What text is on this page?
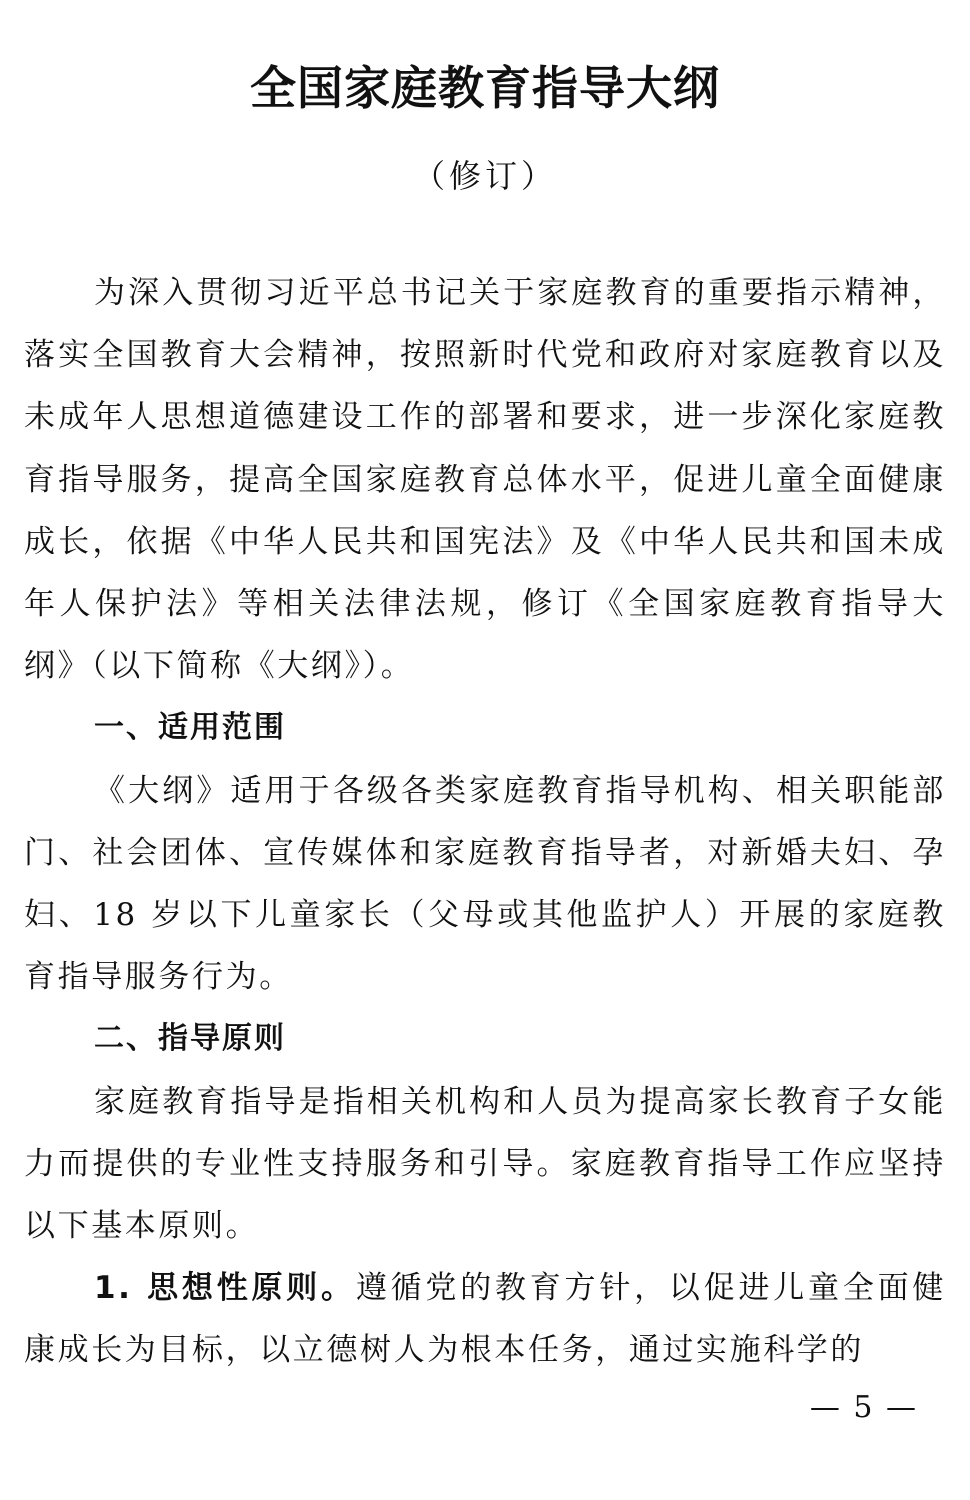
全国家庭教育指导大纲

（修订）

为深入贯彻习近平总书记关于家庭教育的重要指示精神，落实全国教育大会精神，按照新时代党和政府对家庭教育以及未成年人思想道德建设工作的部署和要求，进一步深化家庭教育指导服务，提高全国家庭教育总体水平，促进儿童全面健康成长，依据《中华人民共和国宪法》及《中华人民共和国未成年人保护法》等相关法律法规，修订《全国家庭教育指导大纲》（以下简称《大纲》）。

一、适用范围

《大纲》适用于各级各类家庭教育指导机构、相关职能部门、社会团体、宣传媒体和家庭教育指导者，对新婚夫妇、孕妇、18 岁以下儿童家长（父母或其他监护人）开展的家庭教育指导服务行为。

二、指导原则

家庭教育指导是指相关机构和人员为提高家长教育子女能力而提供的专业性支持服务和引导。家庭教育指导工作应坚持以下基本原则。

1. 思想性原则。遵循党的教育方针，以促进儿童全面健康成长为目标，以立德树人为根本任务，通过实施科学的

— 5 —
